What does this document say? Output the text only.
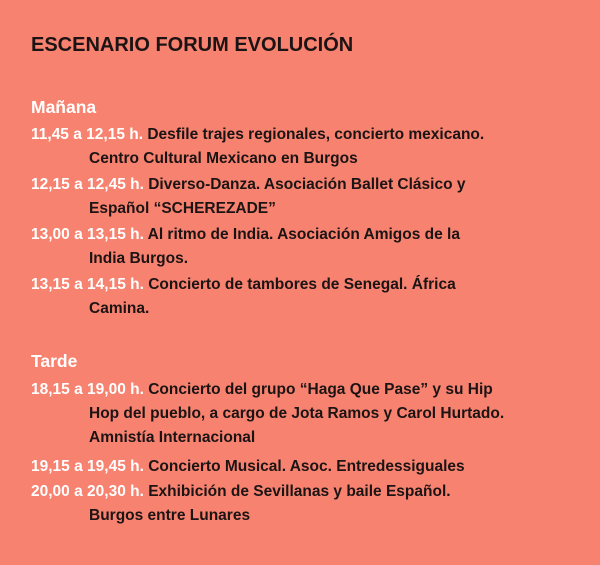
ESCENARIO FORUM EVOLUCIÓN
Mañana
11,45 a 12,15 h. Desfile trajes regionales, concierto mexicano.
Centro Cultural Mexicano en Burgos
12,15 a 12,45 h. Diverso-Danza. Asociación Ballet Clásico y
Español “SCHEREZADE”
13,00 a 13,15 h. Al ritmo de India. Asociación Amigos de la
India Burgos.
13,15 a 14,15 h. Concierto de tambores de Senegal. África
Camina.
Tarde
18,15 a 19,00 h. Concierto del grupo “Haga Que Pase” y su Hip
Hop del pueblo, a cargo de Jota Ramos y Carol Hurtado.
Amnistía Internacional
19,15 a 19,45 h. Concierto Musical. Asoc. Entredessiguales
20,00 a 20,30 h. Exhibición de Sevillanas y baile Español.
Burgos entre Lunares
